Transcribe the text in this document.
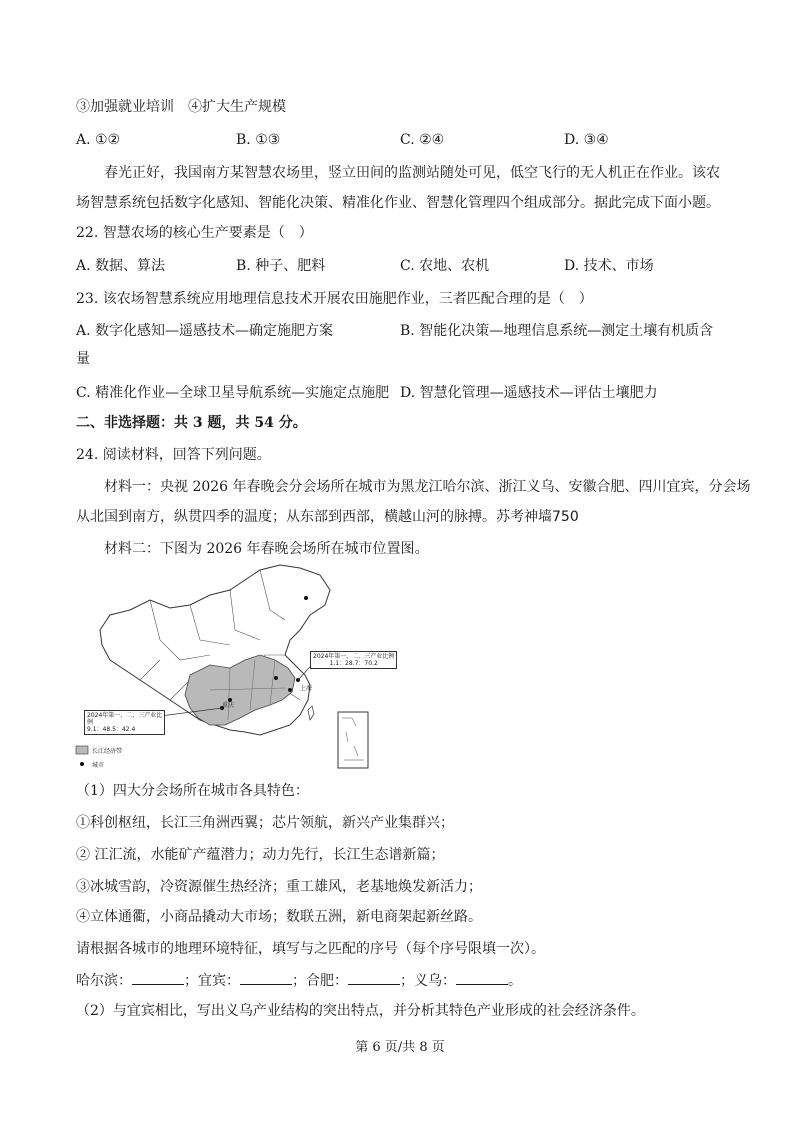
③加强就业培训　④扩大生产规模
A. ①②	B. ①③	C. ②④	D. ③④
春光正好，我国南方某智慧农场里，竖立田间的监测站随处可见，低空飞行的无人机正在作业。该农
场智慧系统包括数字化感知、智能化决策、精准化作业、智慧化管理四个组成部分。据此完成下面小题。
22. 智慧农场的核心生产要素是（　）
A. 数据、算法	B. 种子、肥料	C. 农地、农机	D. 技术、市场
23. 该农场智慧系统应用地理信息技术开展农田施肥作业，三者匹配合理的是（　）
A. 数字化感知—遥感技术—确定施肥方案	B. 智能化决策—地理信息系统—测定土壤有机质含
量
C. 精准化作业—全球卫星导航系统—实施定点施肥 D. 智慧化管理—遥感技术—评估土壤肥力
二、非选择题：共 3 题，共 54 分。
24. 阅读材料，回答下列问题。
材料一：央视 2026 年春晚会分会场所在城市为黑龙江哈尔滨、浙江义乌、安徽合肥、四川宜宾，分会场
从北国到南方，纵贯四季的温度；从东部到西部，横越山河的脉搏。苏考神墙750
材料二：下图为 2026 年春晚会场所在城市位置图。
2024年第一、二、三产业比例
1.1：28.7：70.2
2024年第一、二、三产业比
例
9.1：48.5：42.4
上海
重庆
长江经济带
城市
（1）四大分会场所在城市各具特色：
①科创枢纽，长江三角洲西翼；芯片领航，新兴产业集群兴；
② 江汇流，水能矿产蕴潜力；动力先行，长江生态谱新篇；
③冰城雪韵，冷资源催生热经济；重工雄风，老基地焕发新活力；
④立体通衢，小商品撬动大市场；数联五洲，新电商架起新丝路。
请根据各城市的地理环境特征，填写与之匹配的序号（每个序号限填一次）。
哈尔滨：	；宜宾：	；合肥：	；义乌：	。
（2）与宜宾相比，写出义乌产业结构的突出特点，并分析其特色产业形成的社会经济条件。
第 6 页/共 8 页
